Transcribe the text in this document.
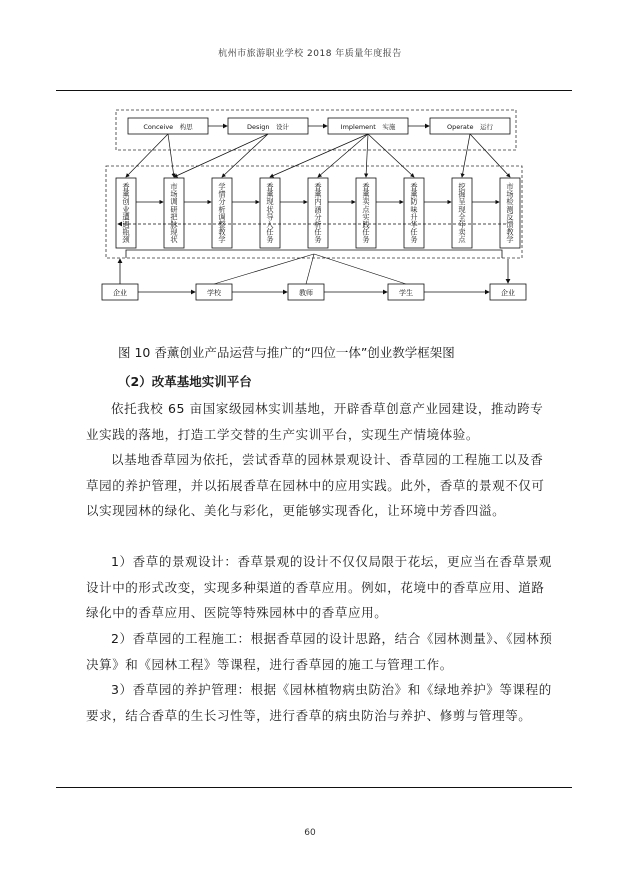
杭州市旅游职业学校 2018 年质量年度报告
Conceive　构思	Design　设计	Implement　实施	Operate　运行
香薰创业遭遇瓶颈
市场调研把脉现状
学情分析调整教学
香薰现状导入任务
香薰内涵分析任务
香薰卖点实践任务
香薰防味升华任务
挖掘呈现全年卖点
市场检测反馈教学
企业	学校	教师	学生	企业
图 10 香薰创业产品运营与推广的“四位一体”创业教学框架图
（2）改革基地实训平台

依托我校 65 亩国家级园林实训基地，开辟香草创意产业园建设，推动跨专业实践的落地，打造工学交替的生产实训平台，实现生产情境体验。

以基地香草园为依托，尝试香草的园林景观设计、香草园的工程施工以及香草园的养护管理，并以拓展香草在园林中的应用实践。此外，香草的景观不仅可以实现园林的绿化、美化与彩化，更能够实现香化，让环境中芳香四溢。

1）香草的景观设计：香草景观的设计不仅仅局限于花坛，更应当在香草景观设计中的形式改变，实现多种渠道的香草应用。例如，花境中的香草应用、道路绿化中的香草应用、医院等特殊园林中的香草应用。

2）香草园的工程施工：根据香草园的设计思路，结合《园林测量》、《园林预决算》和《园林工程》等课程，进行香草园的施工与管理工作。

3）香草园的养护管理：根据《园林植物病虫防治》和《绿地养护》等课程的要求，结合香草的生长习性等，进行香草的病虫防治与养护、修剪与管理等。

60
